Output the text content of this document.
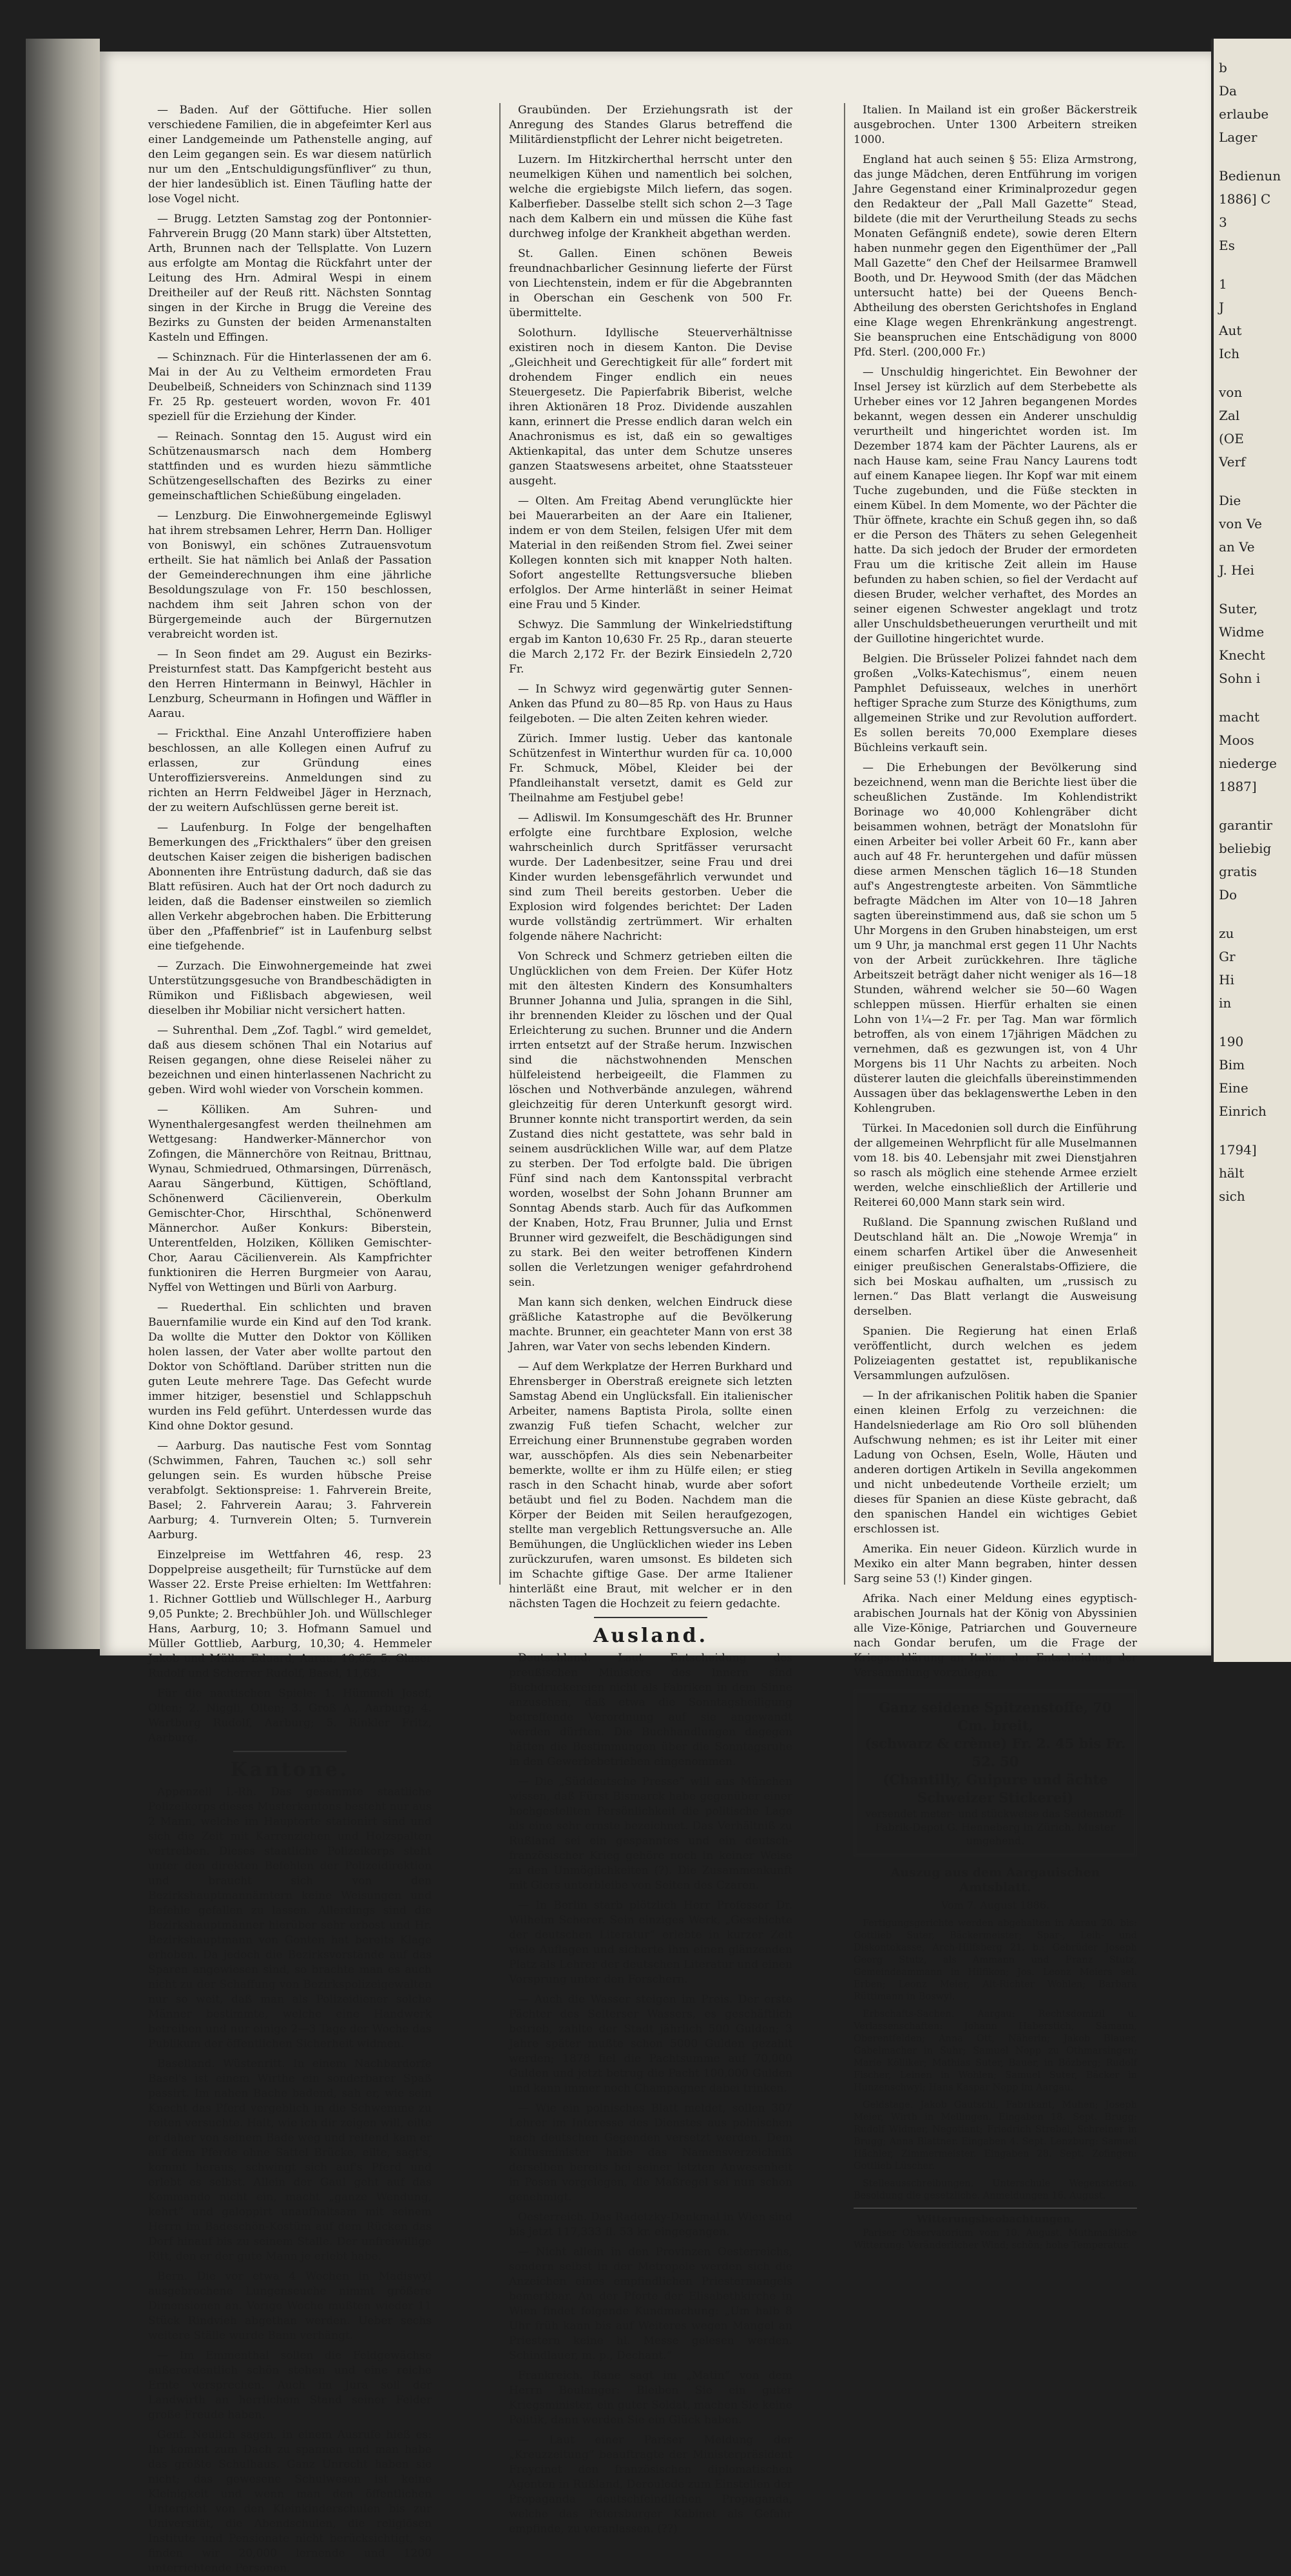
— Baden. Auf der Göttifuche. Hier sollen verschiedene Familien, die in abgefeimter Kerl aus einer Landgemeinde um Pathenstelle anging, auf den Leim gegangen sein. Es war diesem natürlich nur um den „Entschuldigungsfünfliver“ zu thun, der hier landesüblich ist. Einen Täufling hatte der lose Vogel nicht.

— Brugg. Letzten Samstag zog der Pontonnier-Fahrverein Brugg (20 Mann stark) über Altstetten, Arth, Brunnen nach der Tellsplatte. Von Luzern aus erfolgte am Montag die Rückfahrt unter der Leitung des Hrn. Admiral Wespi in einem Dreitheiler auf der Reuß ritt. Nächsten Sonntag singen in der Kirche in Brugg die Vereine des Bezirks zu Gunsten der beiden Armenanstalten Kasteln und Effingen.

— Schinznach. Für die Hinterlassenen der am 6. Mai in der Au zu Veltheim ermordeten Frau Deubelbeiß, Schneiders von Schinznach sind 1139 Fr. 25 Rp. gesteuert worden, wovon Fr. 401 speziell für die Erziehung der Kinder.

— Reinach. Sonntag den 15. August wird ein Schützenausmarsch nach dem Homberg stattfinden und es wurden hiezu sämmtliche Schützengesellschaften des Bezirks zu einer gemeinschaftlichen Schießübung eingeladen.

— Lenzburg. Die Einwohnergemeinde Egliswyl hat ihrem strebsamen Lehrer, Herrn Dan. Holliger von Boniswyl, ein schönes Zutrauensvotum ertheilt. Sie hat nämlich bei Anlaß der Passation der Gemeinderechnungen ihm eine jährliche Besoldungszulage von Fr. 150 beschlossen, nachdem ihm seit Jahren schon von der Bürgergemeinde auch der Bürgernutzen verabreicht worden ist.

— In Seon findet am 29. August ein Bezirks-Preisturnfest statt. Das Kampfgericht besteht aus den Herren Hintermann in Beinwyl, Hächler in Lenzburg, Scheurmann in Hofingen und Wäffler in Aarau.

— Frickthal. Eine Anzahl Unteroffiziere haben beschlossen, an alle Kollegen einen Aufruf zu erlassen, zur Gründung eines Unteroffiziersvereins. Anmeldungen sind zu richten an Herrn Feldweibel Jäger in Herznach, der zu weitern Aufschlüssen gerne bereit ist.

— Laufenburg. In Folge der bengelhaften Bemerkungen des „Frickthalers“ über den greisen deutschen Kaiser zeigen die bisherigen badischen Abonnenten ihre Entrüstung dadurch, daß sie das Blatt refüsiren. Auch hat der Ort noch dadurch zu leiden, daß die Badenser einstweilen so ziemlich allen Verkehr abgebrochen haben. Die Erbitterung über den „Pfaffenbrief“ ist in Laufenburg selbst eine tiefgehende.

— Zurzach. Die Einwohnergemeinde hat zwei Unterstützungsgesuche von Brandbeschädigten in Rümikon und Fißlisbach abgewiesen, weil dieselben ihr Mobiliar nicht versichert hatten.

— Suhrenthal. Dem „Zof. Tagbl.“ wird gemeldet, daß aus diesem schönen Thal ein Notarius auf Reisen gegangen, ohne diese Reiselei näher zu bezeichnen und einen hinterlassenen Nachricht zu geben. Wird wohl wieder von Vorschein kommen.

— Kölliken. Am Suhren- und Wynenthalergesangfest werden theilnehmen am Wettgesang: Handwerker-Männerchor von Zofingen, die Männerchöre von Reitnau, Brittnau, Wynau, Schmiedrued, Othmarsingen, Dürrenäsch, Aarau Sängerbund, Küttigen, Schöftland, Schönenwerd Cäcilienverein, Oberkulm Gemischter-Chor, Hirschthal, Schönenwerd Männerchor. Außer Konkurs: Biberstein, Unterentfelden, Holziken, Kölliken Gemischter-Chor, Aarau Cäcilienverein. Als Kampfrichter funktioniren die Herren Burgmeier von Aarau, Nyffel von Wettingen und Bürli von Aarburg.

— Ruederthal. Ein schlichten und braven Bauernfamilie wurde ein Kind auf den Tod krank. Da wollte die Mutter den Doktor von Kölliken holen lassen, der Vater aber wollte partout den Doktor von Schöftland. Darüber stritten nun die guten Leute mehrere Tage. Das Gefecht wurde immer hitziger, besenstiel und Schlappschuh wurden ins Feld geführt. Unterdessen wurde das Kind ohne Doktor gesund.

— Aarburg. Das nautische Fest vom Sonntag (Schwimmen, Fahren, Tauchen ꝛc.) soll sehr gelungen sein. Es wurden hübsche Preise verabfolgt. Sektionspreise: 1. Fahrverein Breite, Basel; 2. Fahrverein Aarau; 3. Fahrverein Aarburg; 4. Turnverein Olten; 5. Turnverein Aarburg.

Einzelpreise im Wettfahren 46, resp. 23 Doppelpreise ausgetheilt; für Turnstücke auf dem Wasser 22. Erste Preise erhielten: Im Wettfahren: 1. Richner Gottlieb und Wüllschleger H., Aarburg 9,05 Punkte; 2. Brechbühler Joh. und Wüllschleger Hans, Aarburg, 10; 3. Hofmann Samuel und Müller Gottlieb, Aarburg, 10,30; 4. Hemmeler Jakob und Müller Eduard, Aarau, 10,65; 5. Glaser Rudolf und Scherrer Rudolf, Basel, 11,63.

Für die nautischen Spiele: 1. Hümmeli Josef, Olten; 2. Niggli, Olten; 3. Groß A., Aarburg; 4. Wartburg Rudolf, Aarburg; 5. Rinkler Fritz, Aarburg.

Kantone.

Appenzell I.-Rh. Das gesammte staatliche Polizeikorps dieses Musterkantons besteht nur aus 2 Mann, welche im Hauptorte stationirt sind und sich die Zeit mit Karrenziehen und Holzspalten vertreiben. Dieses staatliche Polizeikorps steht unter den direkten Befehlen der Polizeidirektion und braucht sich von den Bezirkshauptmannämtern keine Weisungen und Befehle gefallen zu lassen. Allerdings sind die Bezirkshauptmänner hierüber sehr erbost und Hr. Bezirkshauptmann von Gonten hat bereits Klage erhoben. Da jedoch die Bezirksvorstände auf das Sparen angewiesen sind, so brachte man es auch nicht zu der Schaffung von Bezirkspolizeigewalten nur so weit, daß man als Polizeidiener solche Männer bestimmte, welche eine Handwerk betreiben und nur einige 2—3 Tage der Woche das Publikum der öffentlichen Sicherheit widmen.

Baselland. Wüstenritt. In einem Nachbardorfe Basel's ist einem Wirthe ein sonderbarer Spaß passirt. Im nahen Bache badend, sah er, wie sein Knecht das Pferd vergeblich in die Schwemme zu reiten versuchte. Halt, wie ich dir zeigen will, eilte er daher von seinem Bade weg und reitend kam er auf dem Pferde ohne Sattel Brücke, eilte, sagt's, kommt heraus, schwingt sich auf's Pferd und erlebt es selbst. Allein der Gaul geht auf das Kommando nicht ein, macht „ganze Wendung, kehrt“ und galoppirt unaufhaltsam mit seinem Herrn im Badeschön-Kostüm auf dem Rücken das Dorf hinauf bis zu seinem Stalle. Der unfreiwillige Ritt, den er der gute Mann je erlebt habe.

Bern. Die vor etwa 4 Wochen in Madiswyl ausgebrochene Lungenseuche nimmt größere Dimensionen an. Vorige Woche mußten wieder 11 Stück Rindvieh abgethan werden. Ueber sechs weitere Ställe wurde Bann verhängt.

— Im Emmenthal sollen die Feldgewächse außerordentlich schön stehen und eine reiche Ernte versprechen. Auch im Jura soll der Landwirth an herrlichem Stand seiner Felder große Freude haben.

Genf. Neulich sagen, in einem Ausrufe hieß es: Ihr kommt zum Dach zu spannen und man habe das größte Schulhaus. Ganz Unrecht haben sie nicht; das gewesene Schulwesen ist keine Kleinigkeit und wenn man den öffentlichen Unterricht von den Kleinkinderschulen bis zur Universität, die Abendschulen, die religiösen Institute und Pensionate nicht berücksichtigt, so finden wir 20,000 lernende und 1200 unterrichtende Personen.

Graubünden. Der Erziehungsrath ist der Anregung des Standes Glarus betreffend die Militärdienstpflicht der Lehrer nicht beigetreten.

Luzern. Im Hitzkircherthal herrscht unter den neumelkigen Kühen und namentlich bei solchen, welche die ergiebigste Milch liefern, das sogen. Kalberfieber. Dasselbe stellt sich schon 2—3 Tage nach dem Kalbern ein und müssen die Kühe fast durchweg infolge der Krankheit abgethan werden.

St. Gallen. Einen schönen Beweis freundnachbarlicher Gesinnung lieferte der Fürst von Liechtenstein, indem er für die Abgebrannten in Oberschan ein Geschenk von 500 Fr. übermittelte.

Solothurn. Idyllische Steuerverhältnisse existiren noch in diesem Kanton. Die Devise „Gleichheit und Gerechtigkeit für alle“ fordert mit drohendem Finger endlich ein neues Steuergesetz. Die Papierfabrik Biberist, welche ihren Aktionären 18 Proz. Dividende auszahlen kann, erinnert die Presse endlich daran welch ein Anachronismus es ist, daß ein so gewaltiges Aktienkapital, das unter dem Schutze unseres ganzen Staatswesens arbeitet, ohne Staatssteuer ausgeht.

— Olten. Am Freitag Abend verunglückte hier bei Mauerarbeiten an der Aare ein Italiener, indem er von dem Steilen, felsigen Ufer mit dem Material in den reißenden Strom fiel. Zwei seiner Kollegen konnten sich mit knapper Noth halten. Sofort angestellte Rettungsversuche blieben erfolglos. Der Arme hinterläßt in seiner Heimat eine Frau und 5 Kinder.

Schwyz. Die Sammlung der Winkelriedstiftung ergab im Kanton 10,630 Fr. 25 Rp., daran steuerte die March 2,172 Fr. der Bezirk Einsiedeln 2,720 Fr.

— In Schwyz wird gegenwärtig guter Sennen-Anken das Pfund zu 80—85 Rp. von Haus zu Haus feilgeboten. — Die alten Zeiten kehren wieder.

Zürich. Immer lustig. Ueber das kantonale Schützenfest in Winterthur wurden für ca. 10,000 Fr. Schmuck, Möbel, Kleider bei der Pfandleihanstalt versetzt, damit es Geld zur Theilnahme am Festjubel gebe!

— Adliswil. Im Konsumgeschäft des Hr. Brunner erfolgte eine furchtbare Explosion, welche wahrscheinlich durch Spritfässer verursacht wurde. Der Ladenbesitzer, seine Frau und drei Kinder wurden lebensgefährlich verwundet und sind zum Theil bereits gestorben. Ueber die Explosion wird folgendes berichtet: Der Laden wurde vollständig zertrümmert. Wir erhalten folgende nähere Nachricht:

Von Schreck und Schmerz getrieben eilten die Unglücklichen von dem Freien. Der Küfer Hotz mit den ältesten Kindern des Konsumhalters Brunner Johanna und Julia, sprangen in die Sihl, ihr brennenden Kleider zu löschen und der Qual Erleichterung zu suchen. Brunner und die Andern irrten entsetzt auf der Straße herum. Inzwischen sind die nächstwohnenden Menschen hülfeleistend herbeigeeilt, die Flammen zu löschen und Nothverbände anzulegen, während gleichzeitig für deren Unterkunft gesorgt wird. Brunner konnte nicht transportirt werden, da sein Zustand dies nicht gestattete, was sehr bald in seinem ausdrücklichen Wille war, auf dem Platze zu sterben. Der Tod erfolgte bald. Die übrigen Fünf sind nach dem Kantonsspital verbracht worden, woselbst der Sohn Johann Brunner am Sonntag Abends starb. Auch für das Aufkommen der Knaben, Hotz, Frau Brunner, Julia und Ernst Brunner wird gezweifelt, die Beschädigungen sind zu stark. Bei den weiter betroffenen Kindern sollen die Verletzungen weniger gefahrdrohend sein.

Man kann sich denken, welchen Eindruck diese gräßliche Katastrophe auf die Bevölkerung machte. Brunner, ein geachteter Mann von erst 38 Jahren, war Vater von sechs lebenden Kindern.

— Auf dem Werkplatze der Herren Burkhard und Ehrensberger in Oberstraß ereignete sich letzten Samstag Abend ein Unglücksfall. Ein italienischer Arbeiter, namens Baptista Pirola, sollte einen zwanzig Fuß tiefen Schacht, welcher zur Erreichung einer Brunnenstube gegraben worden war, ausschöpfen. Als dies sein Nebenarbeiter bemerkte, wollte er ihm zu Hülfe eilen; er stieg rasch in den Schacht hinab, wurde aber sofort betäubt und fiel zu Boden. Nachdem man die Körper der Beiden mit Seilen heraufgezogen, stellte man vergeblich Rettungsversuche an. Alle Bemühungen, die Unglücklichen wieder ins Leben zurückzurufen, waren umsonst. Es bildeten sich im Schachte giftige Gase. Der arme Italiener hinterläßt eine Braut, mit welcher er in den nächsten Tagen die Hochzeit zu feiern gedachte.

Ausland.

Deutschland. Laut Entscheidung des preußischen Ministers des Innern sind Buchdruckereien nicht als Fabriken in dem Sinne anzusehen, daß etwa die Sonntagsheiligung betreffende Verordnung auf sie angewandt werden dürften. Die Buchhandlungen dagegen hätten die Bestimmungen über die Sonntagsruhe in den Gewerbebetrieben eingenommen.

— Die „Süddeutsche Presse“ will aus München wissen, daß Fürst Bismarck habe gegenüber einer hochgestellten Persönlichkeit die politische Lage als eine sehr ernste bezeichnet. Das Verhältniß zu Rußland sei ein gespanntes und ein deutsch-französischer Krieg gehöre noch in keiner Weise zu den Unmöglichkeiten (?). Die Zusammenkunft mit Giers unterbleibe von Seiten des Czaren.

— In Berlin starb plötzlich Herr Professor Dr. Wilhelm Scherer. Sein einziges Werk, „Geschichte der deutschen Literatur“ erlebte in kurzer Zeit viele Auflagen und sicherte ihm einen glänzenden Platz als Lehrer der deutschen Literatur und einen Vorsprung unter den Forschern.

— Auch die Wasser steigen im Preis. Der erste Pächter des Selterser Wassers, es geschäftlich betrieb, zahlte der Stadt jährlich 500 Gulden; 3 Jahre später mußte schon 5000 Gulden gezahlt werden; 1878 fiel die Pachtsumme auf 70,000 Gulden und jetzt betrug die Pacht 100,000 Gulden und kann immer noch Champagner dabei trinken.

— Wie ein polnisches Blatt meldet, sollen 307 Lehrer im Interesse des Dienstes aus polnischen nach deutschen Gegenden versetzt werden. Dem Kultusminister habe das Namensverzeichniß derselben bereits bei seiner letzten Anwesenheit in Posen vorgelegen, die Maßregel sei nun schon genehmigt.

Oesterreich. Das Radetzky-Denkmal in Wien sind bis jetzt 117,333 fl. 53 kr. eingegangen.

— Nicht allein in den Provinzen Oesterreichs, sondern selbst in der Metropole werden sich die Anzeichen eines empfindlichen Priestermangels bemerkbar. An der Pforte der Elisabethkirche in Wien findet folgende Kundmachung: „Um halb 8 Uhr früh kann bis auf Weiteres wegen Mangel an Priestern keine hl. Messe gelesen werden. Schindlauer, m. p., Dechant.“

Frankreich. Rane sagt im „Matin“ von dem Herrn Boulanger: Bleiben Sie ein guter Kriegsminister, ein guter Soldat, machen Sie keine Politik, dann werden Sie ein Glück haben.

— Laut einer Pariser Meldung der „Kreuzzeitung“ beauftragte der Ministerpräsident Freycinet den französischen diplomatischen Agenten in Rußland, Deroulede zum Einstellen der Propaganda deutschfeindlichen Propaganda, welche das Petersburger Kabinet als Gefahr empfinde, zu veranlassen. (??)

Italien. In Mailand ist ein großer Bäckerstreik ausgebrochen. Unter 1300 Arbeitern streiken 1000.

England hat auch seinen § 55: Eliza Armstrong, das junge Mädchen, deren Entführung im vorigen Jahre Gegenstand einer Kriminalprozedur gegen den Redakteur der „Pall Mall Gazette“ Stead, bildete (die mit der Verurtheilung Steads zu sechs Monaten Gefängniß endete), sowie deren Eltern haben nunmehr gegen den Eigenthümer der „Pall Mall Gazette“ den Chef der Heilsarmee Bramwell Booth, und Dr. Heywood Smith (der das Mädchen untersucht hatte) bei der Queens Bench-Abtheilung des obersten Gerichtshofes in England eine Klage wegen Ehrenkränkung angestrengt. Sie beanspruchen eine Entschädigung von 8000 Pfd. Sterl. (200,000 Fr.)

— Unschuldig hingerichtet. Ein Bewohner der Insel Jersey ist kürzlich auf dem Sterbebette als Urheber eines vor 12 Jahren begangenen Mordes bekannt, wegen dessen ein Anderer unschuldig verurtheilt und hingerichtet worden ist. Im Dezember 1874 kam der Pächter Laurens, als er nach Hause kam, seine Frau Nancy Laurens todt auf einem Kanapee liegen. Ihr Kopf war mit einem Tuche zugebunden, und die Füße steckten in einem Kübel. In dem Momente, wo der Pächter die Thür öffnete, krachte ein Schuß gegen ihn, so daß er die Person des Thäters zu sehen Gelegenheit hatte. Da sich jedoch der Bruder der ermordeten Frau um die kritische Zeit allein im Hause befunden zu haben schien, so fiel der Verdacht auf diesen Bruder, welcher verhaftet, des Mordes an seiner eigenen Schwester angeklagt und trotz aller Unschuldsbetheuerungen verurtheilt und mit der Guillotine hingerichtet wurde.

Belgien. Die Brüsseler Polizei fahndet nach dem großen „Volks-Katechismus“, einem neuen Pamphlet Defuisseaux, welches in unerhört heftiger Sprache zum Sturze des Königthums, zum allgemeinen Strike und zur Revolution auffordert. Es sollen bereits 70,000 Exemplare dieses Büchleins verkauft sein.

— Die Erhebungen der Bevölkerung sind bezeichnend, wenn man die Berichte liest über die scheußlichen Zustände. Im Kohlendistrikt Borinage wo 40,000 Kohlengräber dicht beisammen wohnen, beträgt der Monatslohn für einen Arbeiter bei voller Arbeit 60 Fr., kann aber auch auf 48 Fr. heruntergehen und dafür müssen diese armen Menschen täglich 16—18 Stunden auf's Angestrengteste arbeiten. Von Sämmtliche befragte Mädchen im Alter von 10—18 Jahren sagten übereinstimmend aus, daß sie schon um 5 Uhr Morgens in den Gruben hinabsteigen, um erst um 9 Uhr, ja manchmal erst gegen 11 Uhr Nachts von der Arbeit zurückkehren. Ihre tägliche Arbeitszeit beträgt daher nicht weniger als 16—18 Stunden, während welcher sie 50—60 Wagen schleppen müssen. Hierfür erhalten sie einen Lohn von 1¼—2 Fr. per Tag. Man war förmlich betroffen, als von einem 17jährigen Mädchen zu vernehmen, daß es gezwungen ist, von 4 Uhr Morgens bis 11 Uhr Nachts zu arbeiten. Noch düsterer lauten die gleichfalls übereinstimmenden Aussagen über das beklagenswerthe Leben in den Kohlengruben.

Türkei. In Macedonien soll durch die Einführung der allgemeinen Wehrpflicht für alle Muselmannen vom 18. bis 40. Lebensjahr mit zwei Dienstjahren so rasch als möglich eine stehende Armee erzielt werden, welche einschließlich der Artillerie und Reiterei 60,000 Mann stark sein wird.

Rußland. Die Spannung zwischen Rußland und Deutschland hält an. Die „Nowoje Wremja“ in einem scharfen Artikel über die Anwesenheit einiger preußischen Generalstabs-Offiziere, die sich bei Moskau aufhalten, um „russisch zu lernen.“ Das Blatt verlangt die Ausweisung derselben.

Spanien. Die Regierung hat einen Erlaß veröffentlicht, durch welchen es jedem Polizeiagenten gestattet ist, republikanische Versammlungen aufzulösen.

— In der afrikanischen Politik haben die Spanier einen kleinen Erfolg zu verzeichnen: die Handelsniederlage am Rio Oro soll blühenden Aufschwung nehmen; es ist ihr Leiter mit einer Ladung von Ochsen, Eseln, Wolle, Häuten und anderen dortigen Artikeln in Sevilla angekommen und nicht unbedeutende Vortheile erzielt; um dieses für Spanien an diese Küste gebracht, daß den spanischen Handel ein wichtiges Gebiet erschlossen ist.

Amerika. Ein neuer Gideon. Kürzlich wurde in Mexiko ein alter Mann begraben, hinter dessen Sarg seine 53 (!) Kinder gingen.

Afrika. Nach einer Meldung eines egyptisch-arabischen Journals hat der König von Abyssinien alle Vize-Könige, Patriarchen und Gouverneure nach Gondar berufen, um die Frage der Kriegserklärung an Italien der Entscheidung der Versammlung vorzulegen.

Ganz seidene Spitzenstoffe, 70 Cm. breit,
(schwarz & crème) Fr. 2. 45 bis Fr. 52. 50
(Chantilly, Guipure und ächte Schweizer Stickerei)
versendet meter- und stückweise das Seidenstoff-Fabrik-Depot G. Henneberg in Zürich. Muster umgehend.
Auszug aus dem Aargauischen Amtsblatt.
Vom 7. August 1886.

Fertigungsgerichte werden abgehalten in Aarau 20. bis: Gottlieb Suter, Bäckermeister; Spar-, Leih- und Diskontokasse, Arch-Hilfsberg 21. b.: Gebrüder Joseph Georg Stutz, als Ammann und Franz Stutz, Gemeindeammann in Hilfikon; Jos. Leonz Meiers sel. Erben; Leonz Meier, Alt-Richter Wohlen; Barbara Rüttimann in Boswyl.

Erbschafts-Sachen. Aargau: Rechtsdomizil u. Verlassenschaften: Johann Haberstich, Sämann, Oberentfelden; Anna Ott, Näherin; Jakob Blauer, Gabelmacher in Suhr; Samuel Nopp zu Othmarsingen; Marie Kölliker; Mathias Suter, Bauer, in Bözberg; Rudolf Fischer, Leinen in Wohlen; Samuel Suter, Bäcker in Hunzenschwyl; Hans Kaspar Nopp im Aargau.

Geldstage. Jakob Gautschi, Fabrikant, Muhen; Joseph Meier, Wirth in Mellingen. Eingaben 18. Sept. Brugg: Rudolf Widmer, Negotiant; Friedrich Strebel, Schreiner in Brugg; Anna Blattner. Eingaben 4. Sept. Lenzburg: Samuel Hächler, Zimmermeister. Eingaben 28. Sept. Zofingen: Gottlieb Lüscher.

Stelleausschreibungen. Unterschule Wegenstetten. Besoldung die gesetzliche. Anmeldungen 16. August.

Witterungsbeobachtungen.

Pariser Observatorium vom 10. August. Muthmaßliche Witterung: Veränderlicher Wind; schön; hohe Temperatur.

b
Da
erlaube
Lager
Bedienun
1886] C
3
Es
1
J
Aut
Ich
von
Zal
(OE
Verf
Die
von Ve
an Ve
J. Hei
Suter,
Widme
Knecht
Sohn i
macht
Moos
niederge
1887]
garantir
beliebig
gratis
Do
zu
Gr
Hi
in
190
Bim
Eine
Einrich
1794]
hält
sich
